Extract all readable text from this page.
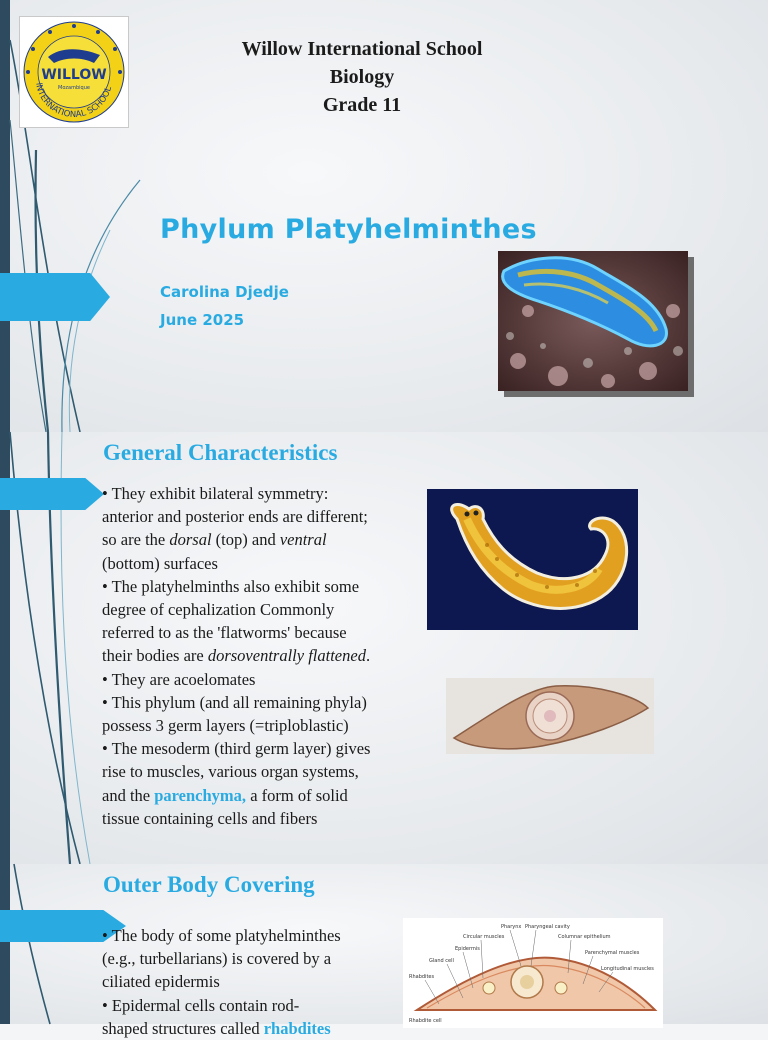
WILLOW
Mozambique
INTERNATIONAL SCHOOL
Willow International School
Biology
Grade 11
Phylum Platyhelminthes
Carolina Djedje
June 2025
General Characteristics

• They exhibit bilateral symmetry:

anterior and posterior ends are different;

so are the dorsal (top) and ventral

(bottom) surfaces

• The platyhelminths also exhibit some

degree of cephalization Commonly

referred to as the 'flatworms' because

their bodies are dorsoventrally flattened.

• They are acoelomates

• This phylum (and all remaining phyla)

possess 3 germ layers (=triploblastic)

• The mesoderm (third germ layer) gives

rise to muscles, various organ systems,

and the parenchyma, a form of solid

tissue containing cells and fibers

Outer Body Covering

• The body of some platyhelminthes

(e.g., turbellarians) is covered by a

ciliated epidermis

• Epidermal cells contain rod-

shaped structures called rhabdites

Pharynx Pharyngeal cavity
Circular muscles	Columnar epithelium
Epidermis
Parenchymal muscles
Gland cell
Longitudinal muscles
Rhabdites
Rhabdite cell
